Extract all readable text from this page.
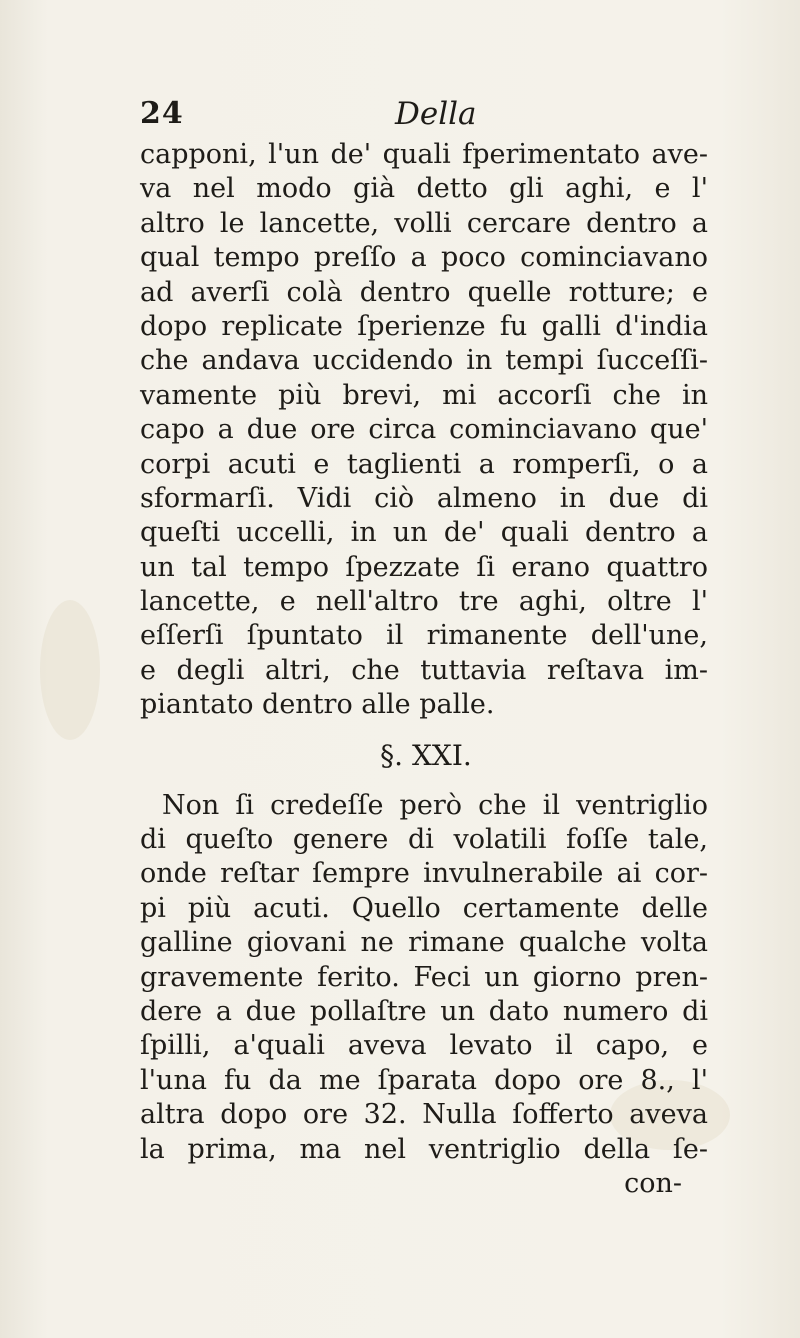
24	Della
capponi, l'un de' quali fperimentato ave-
va nel modo già detto gli aghi, e l'
altro le lancette, volli cercare dentro a
qual tempo preſſo a poco cominciavano
ad averſi colà dentro quelle rotture; e
dopo replicate ſperienze fu galli d'india
che andava uccidendo in tempi ſucceſſi-
vamente più brevi, mi accorſi che in
capo a due ore circa cominciavano que'
corpi acuti e taglienti a romperſi, o a
sformarſi. Vidi ciò almeno in due di
queſti uccelli, in un de' quali dentro a
un tal tempo ſpezzate ſi erano quattro
lancette, e nell'altro tre aghi, oltre l'
eſſerſi ſpuntato il rimanente dell'une,
e degli altri, che tuttavia reſtava im-
piantato dentro alle palle.
§. XXI.
Non ſi credeſſe però che il ventriglio
di queſto genere di volatili foſſe tale,
onde reſtar ſempre invulnerabile ai cor-
pi più acuti. Quello certamente delle
galline giovani ne rimane qualche volta
gravemente ferito. Feci un giorno pren-
dere a due pollaſtre un dato numero di
ſpilli, a'quali aveva levato il capo, e
l'una fu da me ſparata dopo ore 8., l'
altra dopo ore 32. Nulla ſofferto aveva
la prima, ma nel ventriglio della ſe-
con-
